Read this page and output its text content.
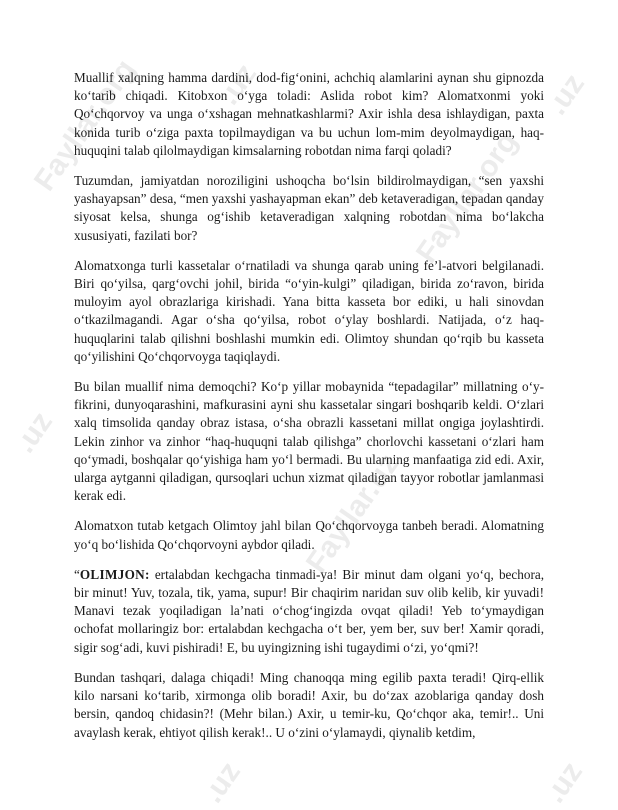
Fayllar.org
Fayllar.org
.uz	.uz
Fayllar.uz
.uz
.uz	.uz

Muallif xalqning hamma dardini, dod-fig‘onini, achchiq alamlarini aynan shu gipnozda ko‘tarib chiqadi. Kitobxon o‘yga toladi: Aslida robot kim? Alomatxonmi yoki Qo‘chqorvoy va unga o‘xshagan mehnatkashlarmi? Axir ishla desa ishlaydigan, paxta konida turib o‘ziga paxta topilmaydigan va bu uchun lom-mim deyolmaydigan, haq-huquqini talab qilolmaydigan kimsalarning robotdan nima farqi qoladi?

Tuzumdan, jamiyatdan noroziligini ushoqcha bo‘lsin bildirolmaydigan, “sen yaxshi yashayapsan” desa, “men yaxshi yashayapman ekan” deb ketaveradigan, tepadan qanday siyosat kelsa, shunga og‘ishib ketaveradigan xalqning robotdan nima bo‘lakcha xususiyati, fazilati bor?

Alomatxonga turli kassetalar o‘rnatiladi va shunga qarab uning fe’l-atvori belgilanadi. Biri qo‘yilsa, qarg‘ovchi johil, birida “o‘yin-kulgi” qiladigan, birida zo‘ravon, birida muloyim ayol obrazlariga kirishadi. Yana bitta kasseta bor ediki, u hali sinovdan o‘tkazilmagandi. Agar o‘sha qo‘yilsa, robot o‘ylay boshlardi. Natijada, o‘z haq-huquqlarini talab qilishni boshlashi mumkin edi. Olimtoy shundan qo‘rqib bu kasseta qo‘yilishini Qo‘chqorvoyga taqiqlaydi.

Bu bilan muallif nima demoqchi? Ko‘p yillar mobaynida “tepadagilar” millatning o‘y-fikrini, dunyoqarashini, mafkurasini ayni shu kassetalar singari boshqarib keldi. O‘zlari xalq timsolida qanday obraz istasa, o‘sha obrazli kassetani millat ongiga joylashtirdi. Lekin zinhor va zinhor “haq-huquqni talab qilishga” chorlovchi kassetani o‘zlari ham qo‘ymadi, boshqalar qo‘yishiga ham yo‘l bermadi. Bu ularning manfaatiga zid edi. Axir, ularga aytganni qiladigan, qursoqlari uchun xizmat qiladigan tayyor robotlar jamlanmasi kerak edi.

Alomatxon tutab ketgach Olimtoy jahl bilan Qo‘chqorvoyga tanbeh beradi. Alomatning yo‘q bo‘lishida Qo‘chqorvoyni aybdor qiladi.

“OLIMJON: ertalabdan kechgacha tinmadi-ya! Bir minut dam olgani yo‘q, bechora, bir minut! Yuv, tozala, tik, yama, supur! Bir chaqirim naridan suv olib kelib, kir yuvadi! Manavi tezak yoqiladigan la’nati o‘chog‘ingizda ovqat qiladi! Yeb to‘ymaydigan ochofat mollaringiz bor: ertalabdan kechgacha o‘t ber, yem ber, suv ber! Xamir qoradi, sigir sog‘adi, kuvi pishiradi! E, bu uyingizning ishi tugaydimi o‘zi, yo‘qmi?!

Bundan tashqari, dalaga chiqadi! Ming chanoqqa ming egilib paxta teradi! Qirq-ellik kilo narsani ko‘tarib, xirmonga olib boradi! Axir, bu do‘zax azoblariga qanday dosh bersin, qandoq chidasin?! (Mehr bilan.) Axir, u temir-ku, Qo‘chqor aka, temir!.. Uni avaylash kerak, ehtiyot qilish kerak!.. U o‘zini o‘ylamaydi, qiynalib ketdim,
